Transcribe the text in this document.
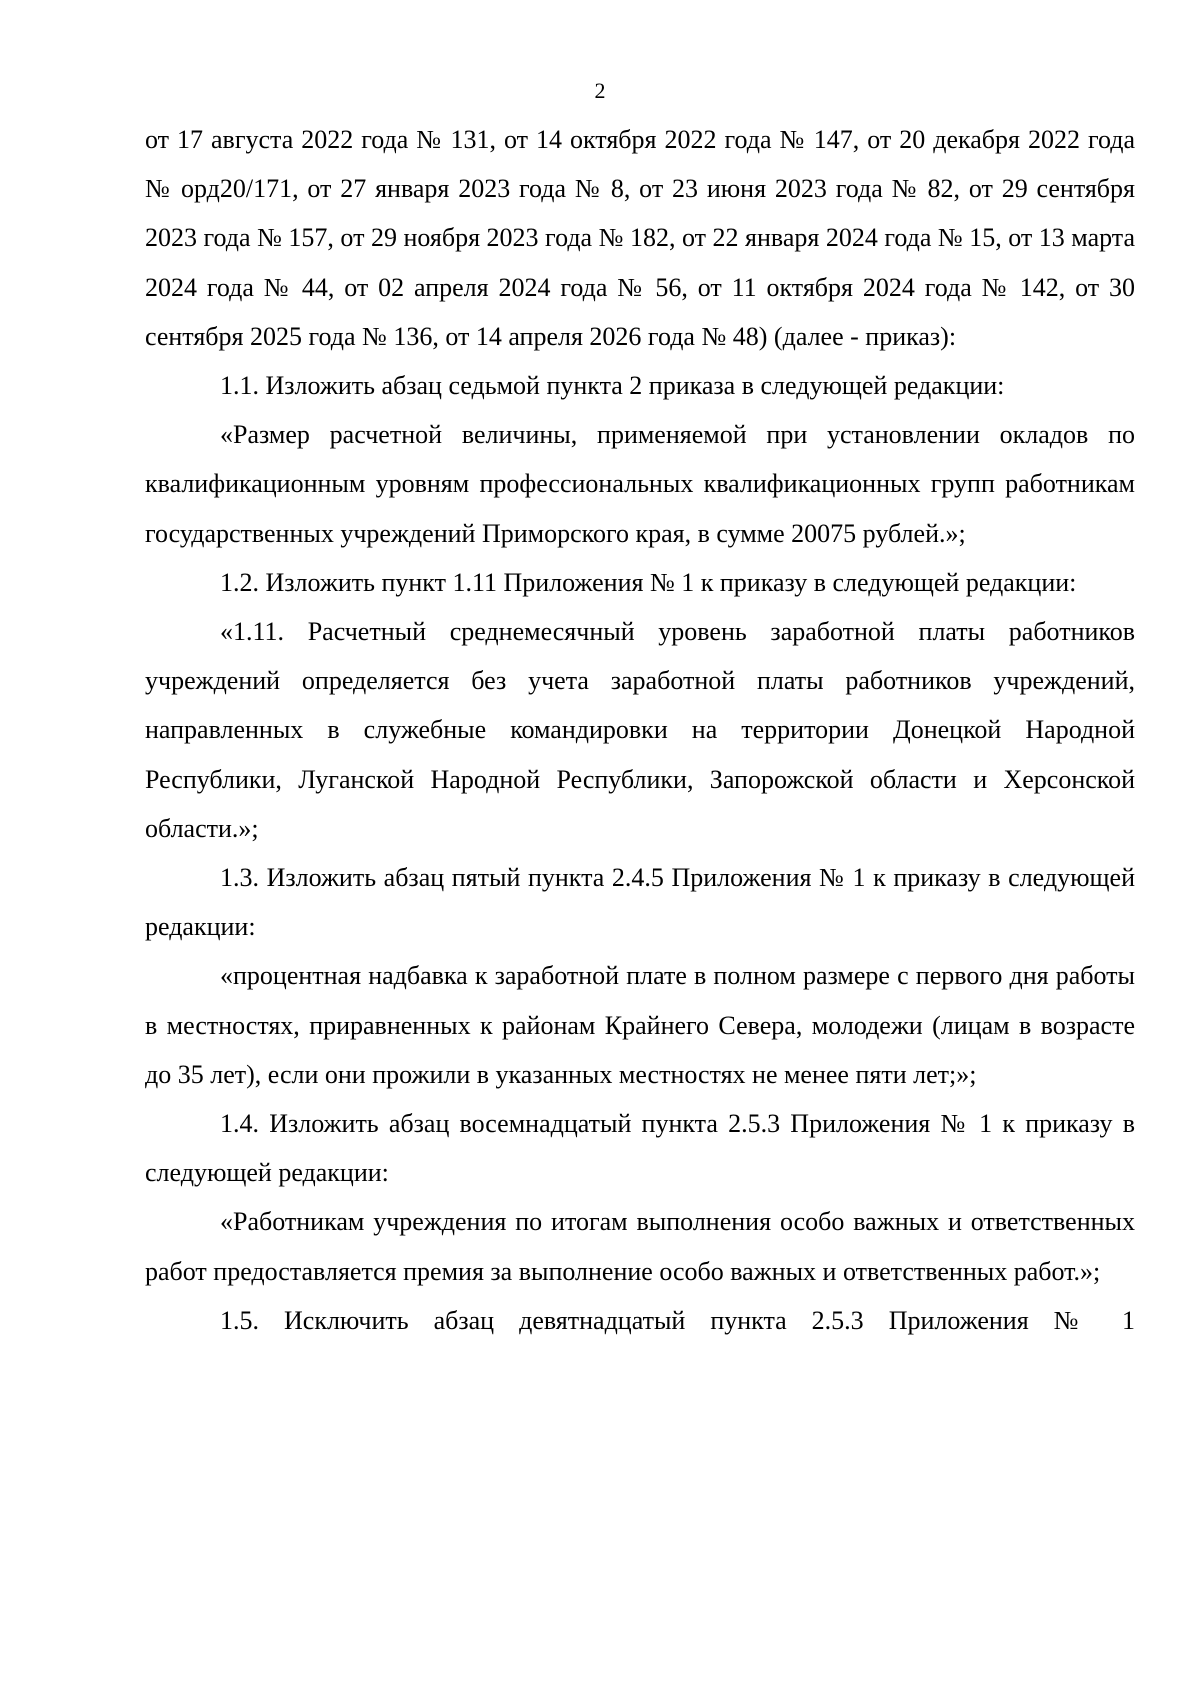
2

от 17 августа 2022 года № 131, от 14 октября 2022 года № 147, от 20 декабря 2022 года № орд20/171, от 27 января 2023 года № 8, от 23 июня 2023 года № 82, от 29 сентября 2023 года № 157, от 29 ноября 2023 года № 182, от 22 января 2024 года № 15, от 13 марта 2024 года № 44, от 02 апреля 2024 года № 56, от 11 октября 2024 года № 142, от 30 сентября 2025 года № 136, от 14 апреля 2026 года № 48) (далее - приказ):

1.1. Изложить абзац седьмой пункта 2 приказа в следующей редакции:

«Размер расчетной величины, применяемой при установлении окладов по квалификационным уровням профессиональных квалификационных групп работникам государственных учреждений Приморского края, в сумме 20075 рублей.»;

1.2. Изложить пункт 1.11 Приложения № 1 к приказу в следующей редакции:

«1.11. Расчетный среднемесячный уровень заработной платы работников учреждений определяется без учета заработной платы работников учреждений, направленных в служебные командировки на территории Донецкой Народной Республики, Луганской Народной Республики, Запорожской области и Херсонской области.»;

1.3. Изложить абзац пятый пункта 2.4.5 Приложения № 1 к приказу в следующей редакции:

«процентная надбавка к заработной плате в полном размере с первого дня работы в местностях, приравненных к районам Крайнего Севера, молодежи (лицам в возрасте до 35 лет), если они прожили в указанных местностях не менее пяти лет;»;

1.4. Изложить абзац восемнадцатый пункта 2.5.3 Приложения № 1 к приказу в следующей редакции:

«Работникам учреждения по итогам выполнения особо важных и ответственных работ предоставляется премия за выполнение особо важных и ответственных работ.»;

1.5. Исключить абзац девятнадцатый пункта 2.5.3 Приложения № 1
